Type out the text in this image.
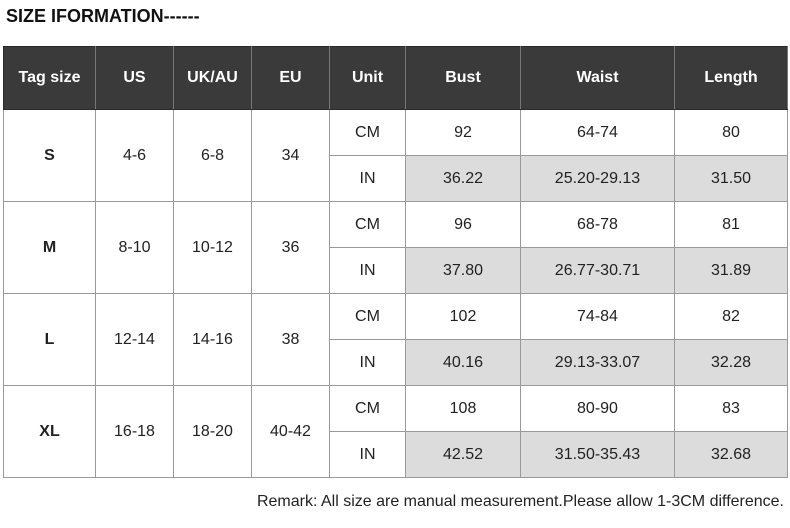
SIZE IFORMATION------
Tag size	US	UK/AU	EU	Unit	Bust	Waist	Length
S	4-6	6-8	34	CM	92	64-74	80
				IN	36.22	25.20-29.13	31.50
M	8-10	10-12	36	CM	96	68-78	81
				IN	37.80	26.77-30.71	31.89
L	12-14	14-16	38	CM	102	74-84	82
				IN	40.16	29.13-33.07	32.28
XL	16-18	18-20	40-42	CM	108	80-90	83
				IN	42.52	31.50-35.43	32.68
Remark: All size are manual measurement.Please allow 1-3CM difference.
